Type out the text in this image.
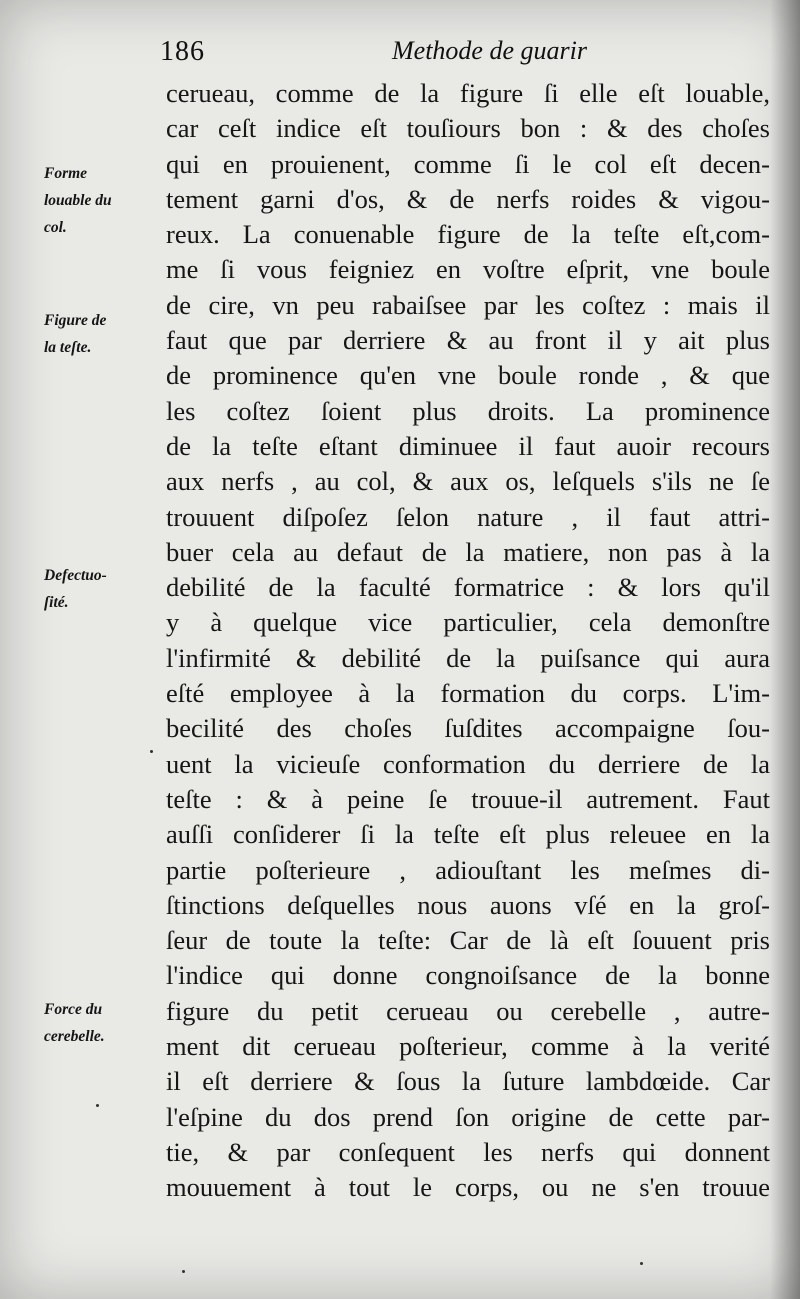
186	Methode de guarir
cerueau, comme de la figure ſi elle eſt louable,
car ceſt indice eſt touſiours bon : & des choſes
qui en prouienent, comme ſi le col eſt decen-
tement garni d'os, & de nerfs roides & vigou-
reux. La conuenable figure de la teſte eſt,com-
me ſi vous feigniez en voſtre eſprit, vne boule
de cire, vn peu rabaiſsee par les coſtez : mais il
faut que par derriere & au front il y ait plus
de prominence qu'en vne boule ronde , & que
les coſtez ſoient plus droits. La prominence
de la teſte eſtant diminuee il faut auoir recours
aux nerfs , au col, & aux os, leſquels s'ils ne ſe
trouuent diſpoſez ſelon nature , il faut attri-
buer cela au defaut de la matiere, non pas à la
debilité de la faculté formatrice : & lors qu'il
y à quelque vice particulier, cela demonſtre
l'infirmité & debilité de la puiſsance qui aura
eſté employee à la formation du corps. L'im-
becilité des choſes ſuſdites accompaigne ſou-
uent la vicieuſe conformation du derriere de la
teſte : & à peine ſe trouue-il autrement. Faut
auſſi conſiderer ſi la teſte eſt plus releuee en la
partie poſterieure , adiouſtant les meſmes di-
ſtinctions deſquelles nous auons vſé en la groſ-
ſeur de toute la teſte: Car de là eſt ſouuent pris
l'indice qui donne congnoiſsance de la bonne
figure du petit cerueau ou cerebelle , autre-
ment dit cerueau poſterieur, comme à la verité
il eſt derriere & ſous la ſuture lambdœide. Car
l'eſpine du dos prend ſon origine de cette par-
tie, & par conſequent les nerfs qui donnent
mouuement à tout le corps, ou ne s'en trouue
Forme
louable du
col.
Figure de
la teſte.
Defectuo-
ſité.
Force du
cerebelle.
